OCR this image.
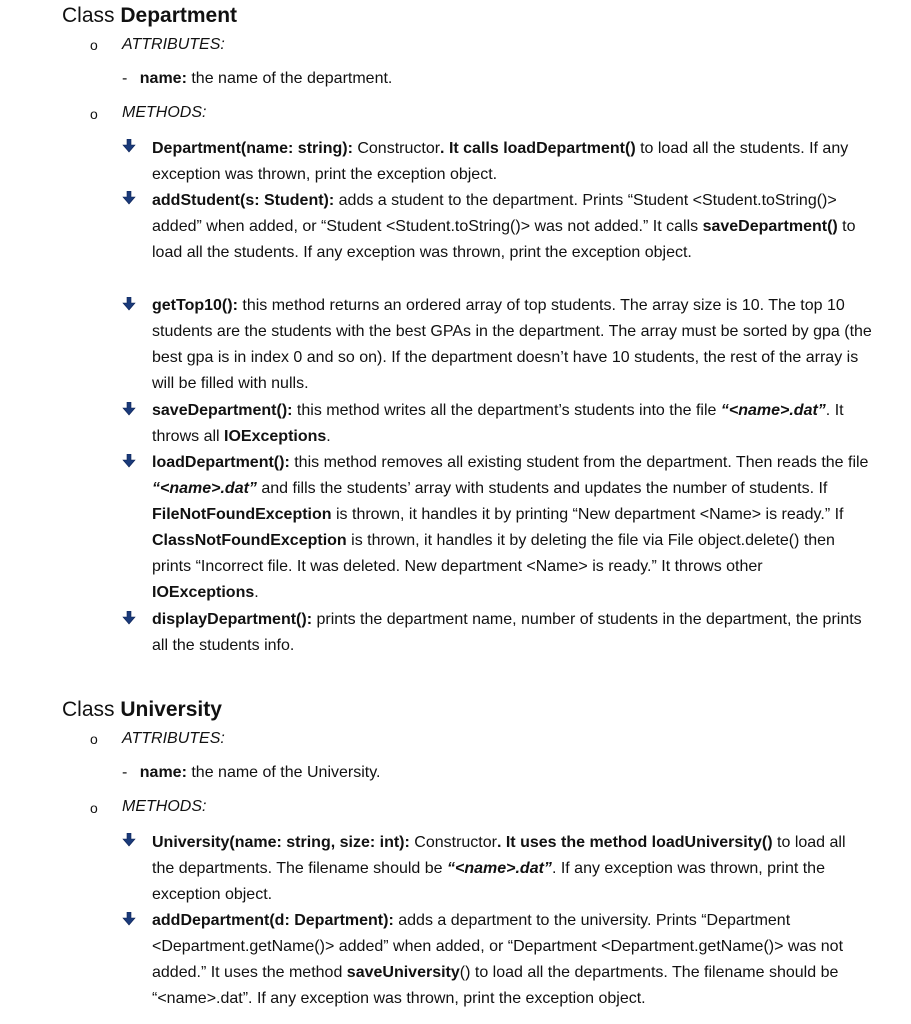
Class Department
o ATTRIBUTES:
- name: the name of the department.
o METHODS:
Department(name: string): Constructor. It calls loadDepartment() to load all the students. If any exception was thrown, print the exception object.
addStudent(s: Student): adds a student to the department. Prints “Student <Student.toString()> added” when added, or “Student <Student.toString()> was not added.” It calls saveDepartment() to load all the students. If any exception was thrown, print the exception object.
getTop10(): this method returns an ordered array of top students. The array size is 10. The top 10 students are the students with the best GPAs in the department. The array must be sorted by gpa (the best gpa is in index 0 and so on). If the department doesn’t have 10 students, the rest of the array is will be filled with nulls.
saveDepartment(): this method writes all the department’s students into the file “<name>.dat”. It throws all IOExceptions.
loadDepartment(): this method removes all existing student from the department. Then reads the file “<name>.dat” and fills the students’ array with students and updates the number of students. If FileNotFoundException is thrown, it handles it by printing “New department <Name> is ready.” If ClassNotFoundException is thrown, it handles it by deleting the file via File object.delete() then prints “Incorrect file. It was deleted. New department <Name> is ready.” It throws other IOExceptions.
displayDepartment(): prints the department name, number of students in the department, the prints all the students info.
Class University
o ATTRIBUTES:
- name: the name of the University.
o METHODS:
University(name: string, size: int): Constructor. It uses the method loadUniversity() to load all the departments. The filename should be “<name>.dat”. If any exception was thrown, print the exception object.
addDepartment(d: Department): adds a department to the university. Prints “Department <Department.getName()> added” when added, or “Department <Department.getName()> was not added.” It uses the method saveUniversity() to load all the departments. The filename should be “<name>.dat”. If any exception was thrown, print the exception object.
